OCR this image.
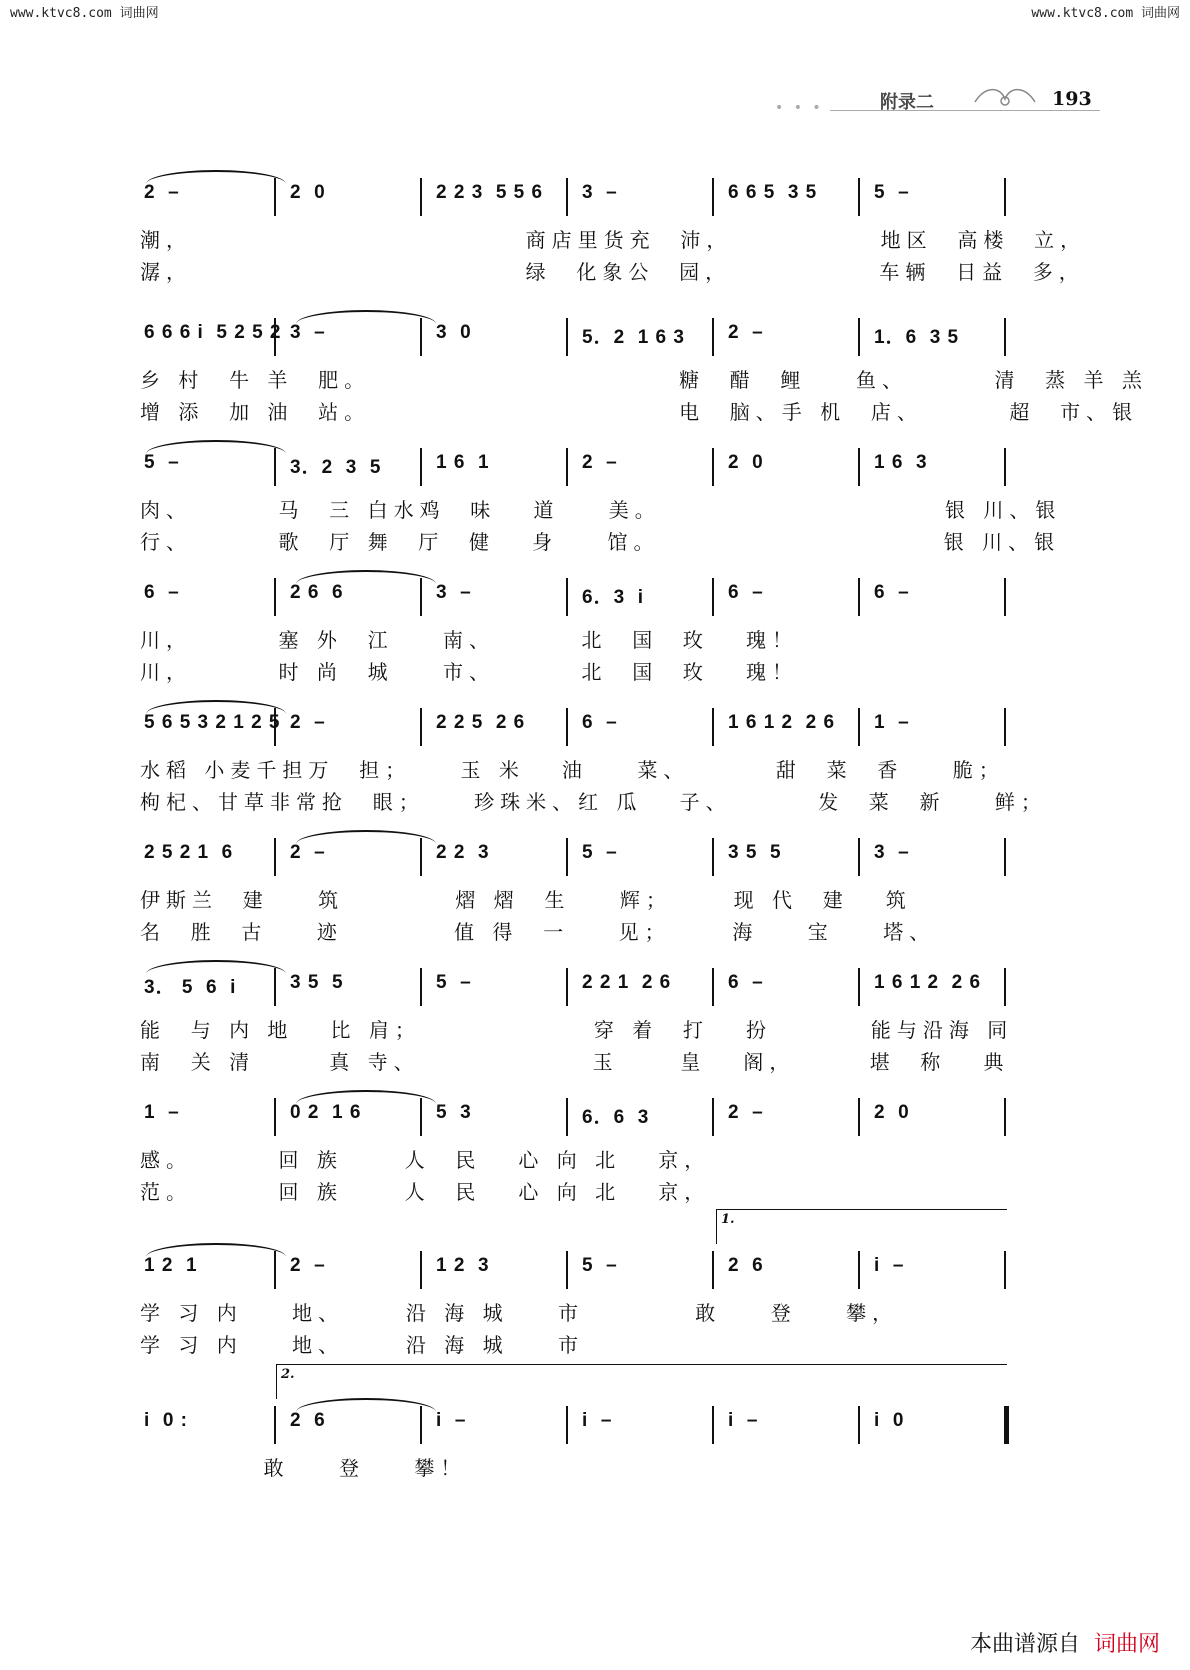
www.ktvc8.com 词曲网	www.ktvc8.com 词曲网
• • •	附录二	193
2  –	2  0	2 2 3  5 5 6 3  –	6 6 5  3 5	5  –
潮，                           商店里货充  沛，            地区  高楼  立，
潺，                           绿  化象公  园，            车辆  日益  多，
6 6 6 i  5 2 5 2 3  –	3  0	5．2  1 6 3 2  –	1．6  3 5
乡 村  牛 羊  肥。                         糖  醋  鲤    鱼、       清  蒸 羊 羔
增 添  加 油  站。                         电  脑、手 机  店、       超  市、银
5  –	3．2  3  5	1 6  1	2  –	2  0	1 6  3
肉、       马  三 白水鸡  味   道    美。                       银 川、银
行、       歌  厅 舞  厅  健   身    馆。                       银 川、银
6  –	2 6  6	3  –	6．3  i	6  –	6  –
川，       塞 外  江    南、       北  国  玫   瑰！
川，       时 尚  城    市、       北  国  玫   瑰！
5 6 5 3 2 1 2 5 2  –	2 2 5  2 6	6  –	1 6 1 2  2 6 1  –
水稻 小麦千担万  担；    玉 米   油    菜、       甜  菜  香    脆；
枸杞、甘草非常抢  眼；    珍珠米、红 瓜   子、       发  菜  新    鲜；
2 5 2 1  6	2  –	2 2  3	5  –	3 5  5	3  –
伊斯兰  建    筑         熠 熠  生    辉；     现 代  建   筑
名  胜  古    迹         值 得  一    见；     海    宝    塔、
3． 5  6  i	3 5  5	5  –	2 2 1  2 6	6  –	1 6 1 2  2 6
能  与 内 地   比 肩；              穿 着  打   扮        能与沿海 同
南  关 清      真 寺、              玉     皇   阁，      堪  称   典
1  –	0 2  1 6	5  3	6．6  3	2  –	2  0
感。       回 族     人  民   心 向 北   京，
范。       回 族     人  民   心 向 北   京，
1 2  1	2  –	1 2  3	5  –	2  6	i  –
1.
学 习 内    地、     沿 海 城    市         敢    登    攀，
学 习 内    地、     沿 海 城    市
i  0 :	2  6	i  –	i  –	i  –	i  0
2.
敢    登    攀！
本曲谱源自 词曲网
